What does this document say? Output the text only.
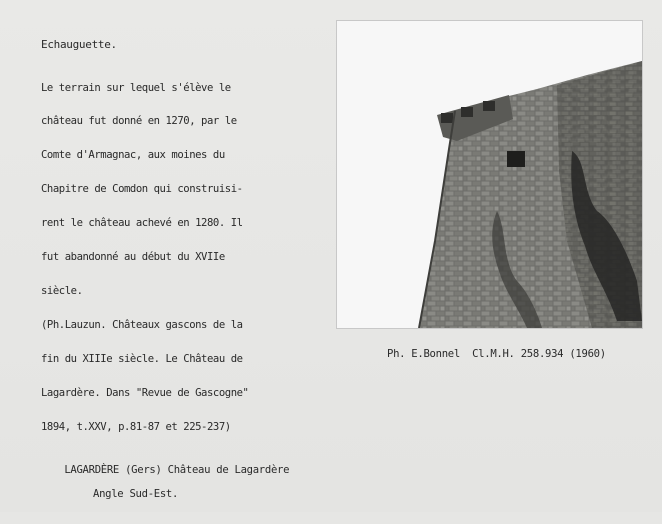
Echauguette.

Le terrain sur lequel s'élève le

château fut donné en 1270, par le

Comte d'Armagnac, aux moines du

Chapitre de Comdon qui construisi-

rent le château achevé en 1280. Il

fut abandonné au début du XVIIe

siècle.

(Ph.Lauzun. Châteaux gascons de la

fin du XIIIe siècle. Le Château de

Lagardère. Dans "Revue de Gascogne"

1894, t.XXV, p.81-87 et 225-237)

Ph. E.Bonnel  Cl.M.H. 258.934 (1960)

LAGARDÈRE (Gers) Château de Lagardère

Angle Sud-Est.
